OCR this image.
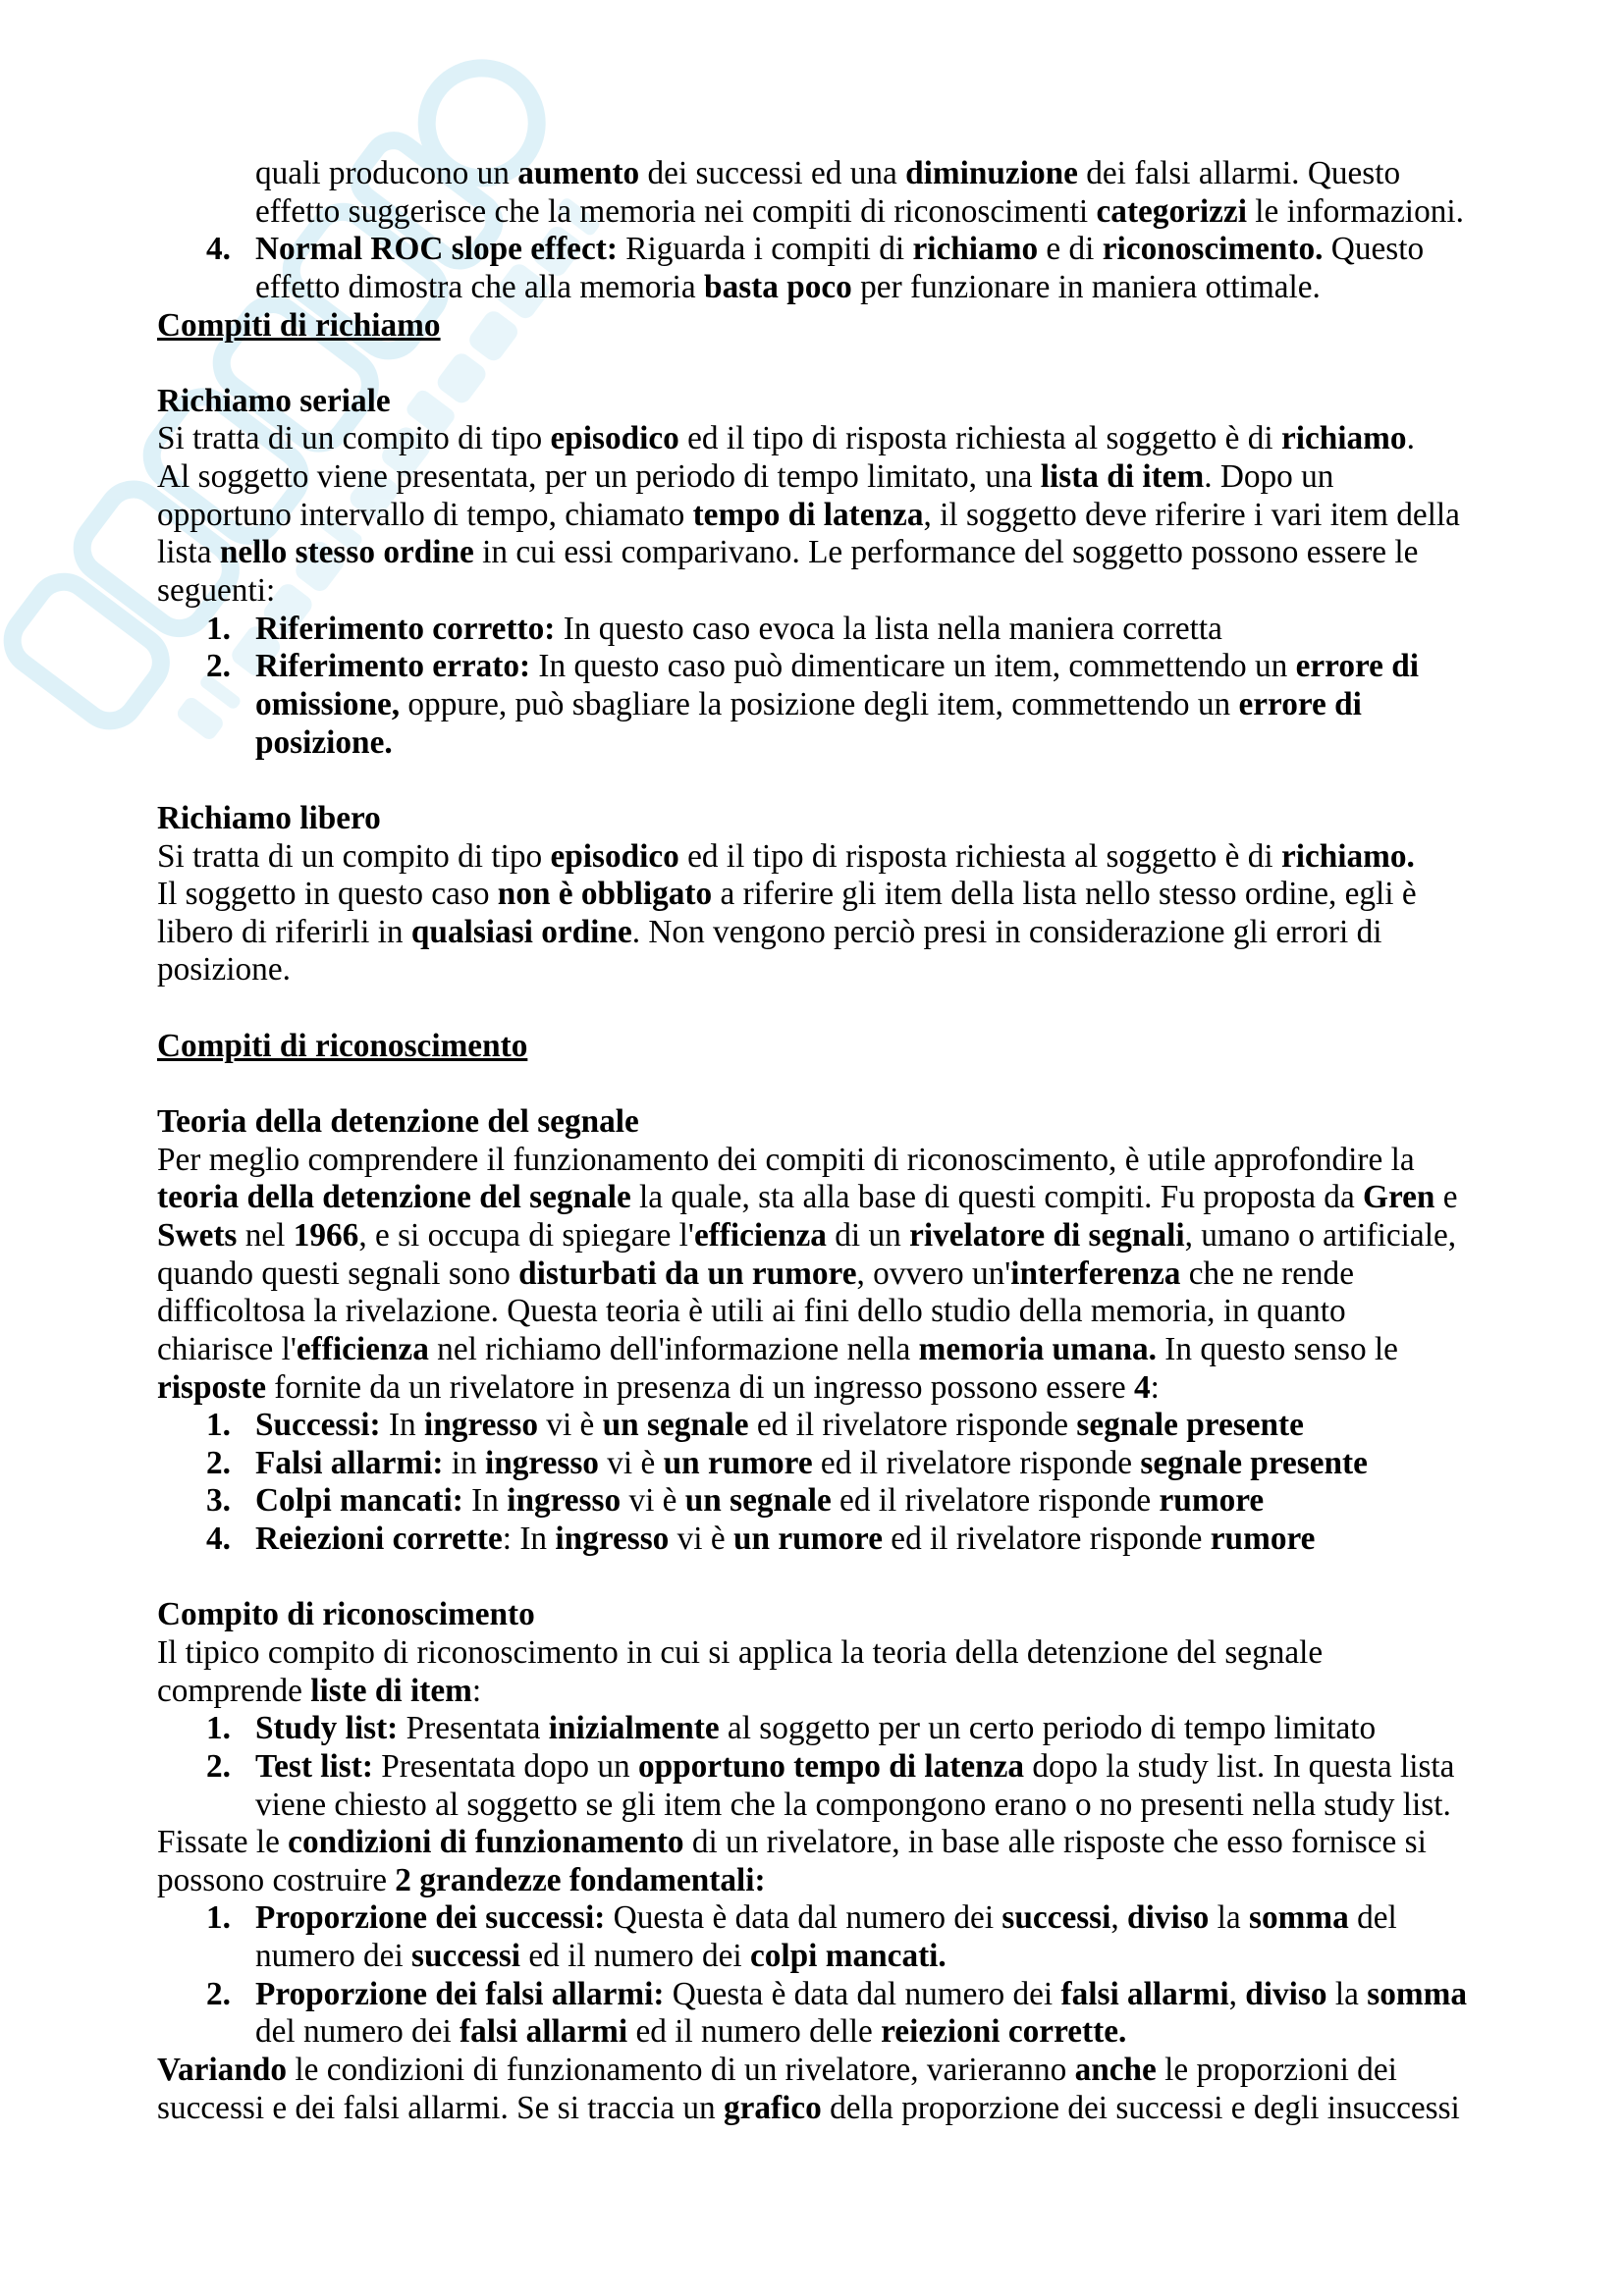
quali producono un aumento dei successi ed una diminuzione dei falsi allarmi. Questo
effetto suggerisce che la memoria nei compiti di riconoscimenti categorizzi le informazioni.
4. Normal ROC slope effect: Riguarda i compiti di richiamo e di riconoscimento. Questo
effetto dimostra che alla memoria basta poco per funzionare in maniera ottimale.
Compiti di richiamo
Richiamo seriale
Si tratta di un compito di tipo episodico ed il tipo di risposta richiesta al soggetto è di richiamo.
Al soggetto viene presentata, per un periodo di tempo limitato, una lista di item. Dopo un
opportuno intervallo di tempo, chiamato tempo di latenza, il soggetto deve riferire i vari item della
lista nello stesso ordine in cui essi comparivano. Le performance del soggetto possono essere le
seguenti:
1. Riferimento corretto: In questo caso evoca la lista nella maniera corretta
2. Riferimento errato: In questo caso può dimenticare un item, commettendo un errore di
omissione, oppure, può sbagliare la posizione degli item, commettendo un errore di
posizione.
Richiamo libero
Si tratta di un compito di tipo episodico ed il tipo di risposta richiesta al soggetto è di richiamo.
Il soggetto in questo caso non è obbligato a riferire gli item della lista nello stesso ordine, egli è
libero di riferirli in qualsiasi ordine. Non vengono perciò presi in considerazione gli errori di
posizione.
Compiti di riconoscimento
Teoria della detenzione del segnale
Per meglio comprendere il funzionamento dei compiti di riconoscimento, è utile approfondire la
teoria della detenzione del segnale la quale, sta alla base di questi compiti. Fu proposta da Gren e
Swets nel 1966, e si occupa di spiegare l'efficienza di un rivelatore di segnali, umano o artificiale,
quando questi segnali sono disturbati da un rumore, ovvero un'interferenza che ne rende
difficoltosa la rivelazione. Questa teoria è utili ai fini dello studio della memoria, in quanto
chiarisce l'efficienza nel richiamo dell'informazione nella memoria umana. In questo senso le
risposte fornite da un rivelatore in presenza di un ingresso possono essere 4:
1. Successi: In ingresso vi è un segnale ed il rivelatore risponde segnale presente
2. Falsi allarmi: in ingresso vi è un rumore ed il rivelatore risponde segnale presente
3. Colpi mancati: In ingresso vi è un segnale ed il rivelatore risponde rumore
4. Reiezioni corrette: In ingresso vi è un rumore ed il rivelatore risponde rumore
Compito di riconoscimento
Il tipico compito di riconoscimento in cui si applica la teoria della detenzione del segnale
comprende liste di item:
1. Study list: Presentata inizialmente al soggetto per un certo periodo di tempo limitato
2. Test list: Presentata dopo un opportuno tempo di latenza dopo la study list. In questa lista
viene chiesto al soggetto se gli item che la compongono erano o no presenti nella study list.
Fissate le condizioni di funzionamento di un rivelatore, in base alle risposte che esso fornisce si
possono costruire 2 grandezze fondamentali:
1. Proporzione dei successi: Questa è data dal numero dei successi, diviso la somma del
numero dei successi ed il numero dei colpi mancati.
2. Proporzione dei falsi allarmi: Questa è data dal numero dei falsi allarmi, diviso la somma
del numero dei falsi allarmi ed il numero delle reiezioni corrette.
Variando le condizioni di funzionamento di un rivelatore, varieranno anche le proporzioni dei
successi e dei falsi allarmi. Se si traccia un grafico della proporzione dei successi e degli insuccessi
